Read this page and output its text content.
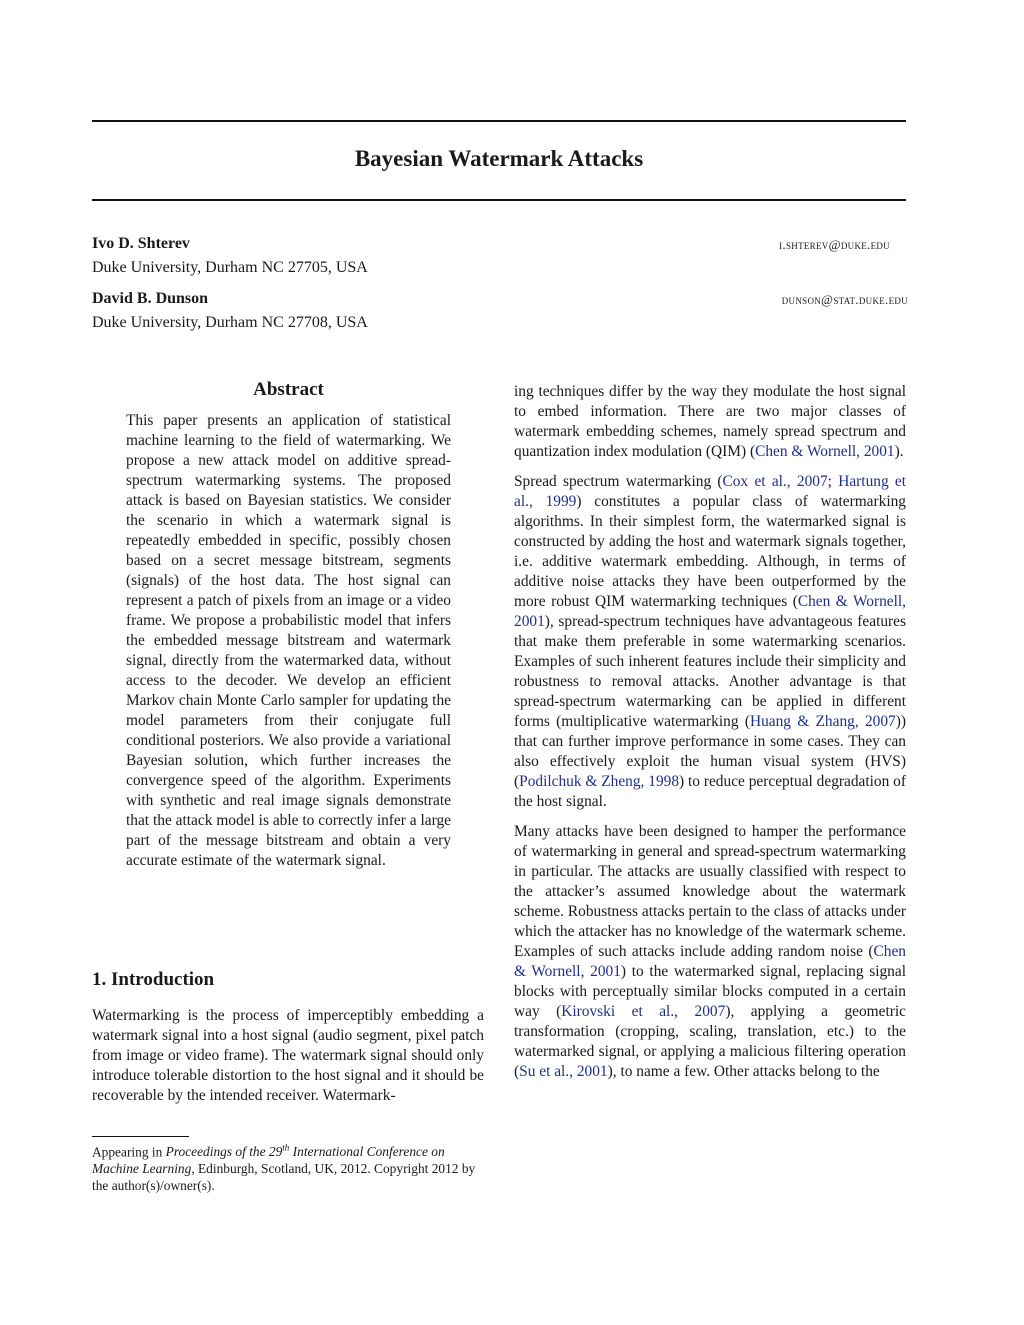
Bayesian Watermark Attacks
Ivo D. Shterev	i.shterev@duke.edu
Duke University, Durham NC 27705, USA
David B. Dunson	dunson@stat.duke.edu
Duke University, Durham NC 27708, USA
Abstract
This paper presents an application of statistical machine learning to the field of watermarking. We propose a new attack model on additive spread-spectrum watermarking systems. The proposed attack is based on Bayesian statistics. We consider the scenario in which a watermark signal is repeatedly embedded in specific, possibly chosen based on a secret message bitstream, segments (signals) of the host data. The host signal can represent a patch of pixels from an image or a video frame. We propose a probabilistic model that infers the embedded message bitstream and watermark signal, directly from the watermarked data, without access to the decoder. We develop an efficient Markov chain Monte Carlo sampler for updating the model parameters from their conjugate full conditional posteriors. We also provide a variational Bayesian solution, which further increases the convergence speed of the algorithm. Experiments with synthetic and real image signals demonstrate that the attack model is able to correctly infer a large part of the message bitstream and obtain a very accurate estimate of the watermark signal.
1. Introduction
Watermarking is the process of imperceptibly embedding a watermark signal into a host signal (audio segment, pixel patch from image or video frame). The watermark signal should only introduce tolerable distortion to the host signal and it should be recoverable by the intended receiver. Watermark-
Appearing in Proceedings of the 29th International Conference on Machine Learning, Edinburgh, Scotland, UK, 2012. Copyright 2012 by the author(s)/owner(s).

ing techniques differ by the way they modulate the host signal to embed information. There are two major classes of watermark embedding schemes, namely spread spectrum and quantization index modulation (QIM) (Chen & Wornell, 2001).

Spread spectrum watermarking (Cox et al., 2007; Hartung et al., 1999) constitutes a popular class of watermarking algorithms. In their simplest form, the watermarked signal is constructed by adding the host and watermark signals together, i.e. additive watermark embedding. Although, in terms of additive noise attacks they have been outperformed by the more robust QIM watermarking techniques (Chen & Wornell, 2001), spread-spectrum techniques have advantageous features that make them preferable in some watermarking scenarios. Examples of such inherent features include their simplicity and robustness to removal attacks. Another advantage is that spread-spectrum watermarking can be applied in different forms (multiplicative watermarking (Huang & Zhang, 2007)) that can further improve performance in some cases. They can also effectively exploit the human visual system (HVS) (Podilchuk & Zheng, 1998) to reduce perceptual degradation of the host signal.

Many attacks have been designed to hamper the performance of watermarking in general and spread-spectrum watermarking in particular. The attacks are usually classified with respect to the attacker’s assumed knowledge about the watermark scheme. Robustness attacks pertain to the class of attacks under which the attacker has no knowledge of the watermark scheme. Examples of such attacks include adding random noise (Chen & Wornell, 2001) to the watermarked signal, replacing signal blocks with perceptually similar blocks computed in a certain way (Kirovski et al., 2007), applying a geometric transformation (cropping, scaling, translation, etc.) to the watermarked signal, or applying a malicious filtering operation (Su et al., 2001), to name a few. Other attacks belong to the
